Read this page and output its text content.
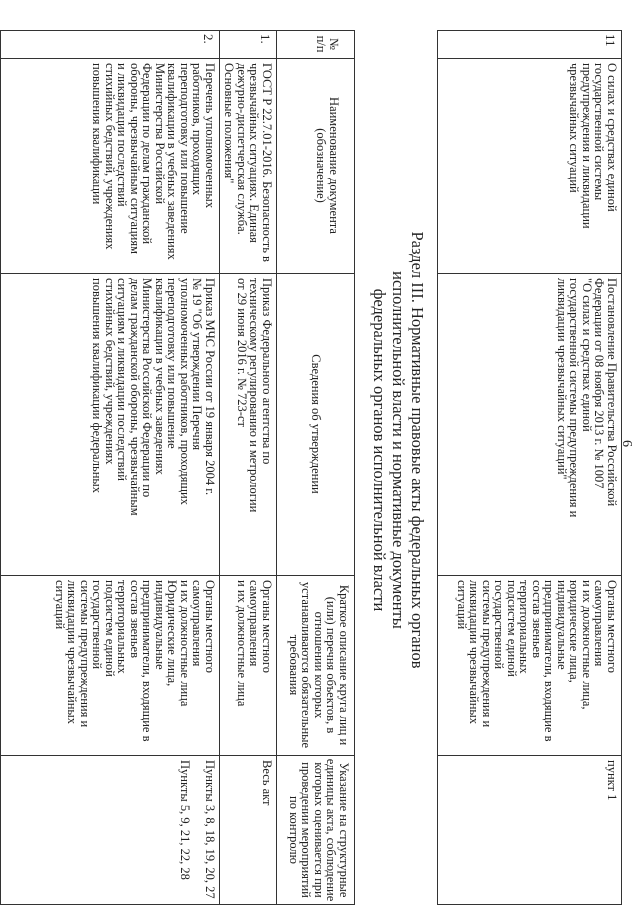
6
11
О силах и средствах единой
государственной системы
предупреждения и ликвидации
чрезвычайных ситуаций
Постановление Правительства Российской
Федерации от 08 ноября 2013 г. № 1007
"О силах и средствах единой
государственной системы предупреждения и
ликвидации чрезвычайных ситуаций"
Органы местного самоуправления
и их должностные лица,
юридические лица,
индивидуальные
предприниматели, входящие в
состав звеньев территориальных
подсистем единой государственной
системы предупреждения и
ликвидации чрезвычайных
ситуаций
пункт 1
Раздел III. Нормативные правовые акты федеральных органов
исполнительной власти и нормативные документы
федеральных органов исполнительной власти
№
п/п
Наименование документа
(обозначение)
Сведения об утверждении
Краткое описание круга лиц и
(или) перечня объектов, в
отношении которых
устанавливаются обязательные
требования
Указание на структурные
единицы акта, соблюдение
которых оценивается при
проведении мероприятий
по контролю
1.
ГОСТ Р 22.7.01-2016. Безопасность в
чрезвычайных ситуациях. Единая
дежурно-диспетчерская служба.
Основные положения"
Приказ Федерального агентства по
техническому регулированию и метрологии
от 29 июня 2016 г. № 723-ст
Органы местного самоуправления
и их должностные лица
Весь акт
2.
Перечень уполномоченных
работников, проходящих
переподготовку или повышение
квалификации в учебных заведениях
Министерства Российской
Федерации по делам гражданской
обороны, чрезвычайным ситуациям
и ликвидации последствий
стихийных бедствий, учреждениях
повышения квалификации
Приказ МЧС России от 19 января 2004 г.
№ 19 "Об утверждении Перечня
уполномоченных работников, проходящих
переподготовку или повышение
квалификации в учебных заведениях
Министерства Российской Федерации по
делам гражданской обороны, чрезвычайным
ситуациям и ликвидации последствий
стихийных бедствий, учреждениях
повышения квалификации федеральных
Органы местного самоуправления
и их должностные лица
Юридические лица,
индивидуальные
предприниматели, входящие в
состав звеньев территориальных
подсистем единой государственной
системы предупреждения и
ликвидации чрезвычайных
ситуаций
Пункты 3, 8, 18, 19, 20, 27

Пункты 5, 9, 21, 22, 28
